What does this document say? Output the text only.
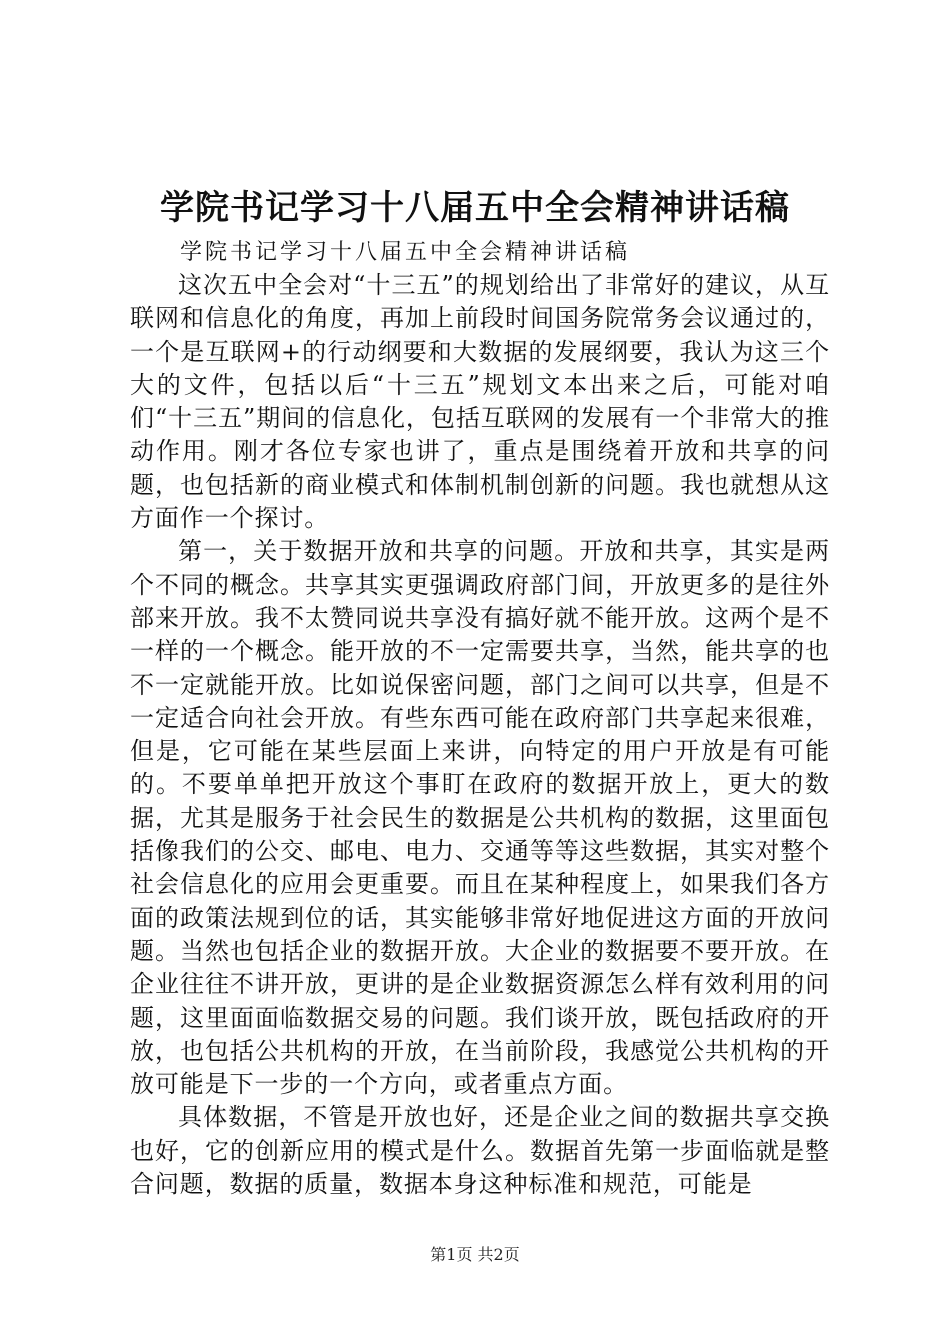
学院书记学习十八届五中全会精神讲话稿
学院书记学习十八届五中全会精神讲话稿

这次五中全会对“十三五”的规划给出了非常好的建议，从互联网和信息化的角度，再加上前段时间国务院常务会议通过的，一个是互联网+的行动纲要和大数据的发展纲要，我认为这三个大的文件，包括以后“十三五”规划文本出来之后，可能对咱们“十三五”期间的信息化，包括互联网的发展有一个非常大的推动作用。刚才各位专家也讲了，重点是围绕着开放和共享的问题，也包括新的商业模式和体制机制创新的问题。我也就想从这方面作一个探讨。

第一，关于数据开放和共享的问题。开放和共享，其实是两个不同的概念。共享其实更强调政府部门间，开放更多的是往外部来开放。我不太赞同说共享没有搞好就不能开放。这两个是不一样的一个概念。能开放的不一定需要共享，当然，能共享的也不一定就能开放。比如说保密问题，部门之间可以共享，但是不一定适合向社会开放。有些东西可能在政府部门共享起来很难，但是，它可能在某些层面上来讲，向特定的用户开放是有可能的。不要单单把开放这个事盯在政府的数据开放上，更大的数据，尤其是服务于社会民生的数据是公共机构的数据，这里面包括像我们的公交、邮电、电力、交通等等这些数据，其实对整个社会信息化的应用会更重要。而且在某种程度上，如果我们各方面的政策法规到位的话，其实能够非常好地促进这方面的开放问题。当然也包括企业的数据开放。大企业的数据要不要开放。在企业往往不讲开放，更讲的是企业数据资源怎么样有效利用的问题，这里面面临数据交易的问题。我们谈开放，既包括政府的开放，也包括公共机构的开放，在当前阶段，我感觉公共机构的开放可能是下一步的一个方向，或者重点方面。

具体数据，不管是开放也好，还是企业之间的数据共享交换也好，它的创新应用的模式是什么。数据首先第一步面临就是整合问题，数据的质量，数据本身这种标准和规范，可能是

第1页 共2页
